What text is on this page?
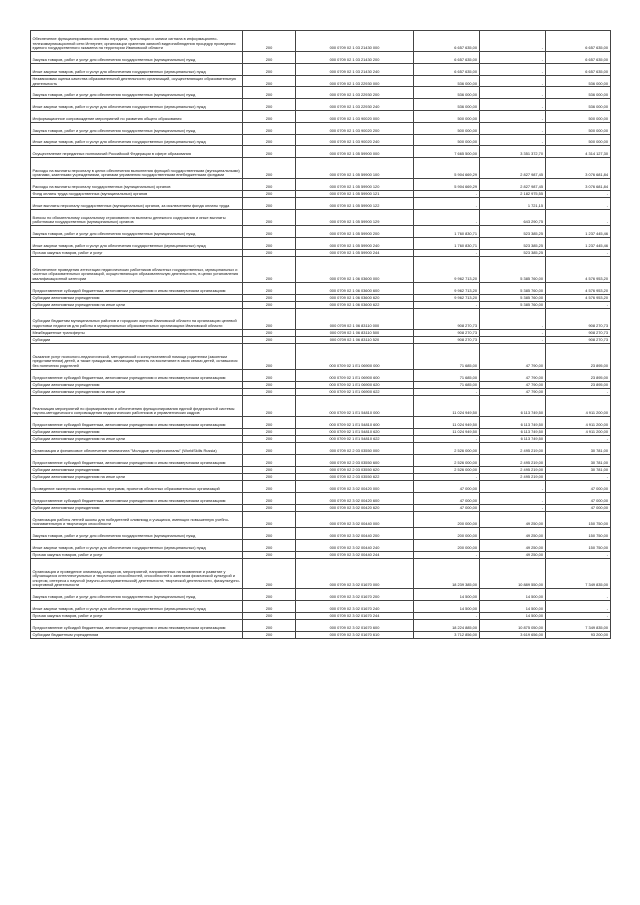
Обеспечение функционирования системы передачи, трансляции и записи сигнала в информационно-телекоммуникационной сети Интернет, организации хранения записей видеонаблюдения процедур проведения единого государственного экзамена на территории Ивановской области	200	000 0709 02 1 03 21430 000	6 657 635,00	-	6 657 635,00
Закупка товаров, работ и услуг для обеспечения государственных (муниципальных) нужд	200	000 0709 02 1 03 21430 200	6 657 635,00	-	6 657 635,00
Иные закупки товаров, работ и услуг для обеспечения государственных (муниципальных) нужд	200	000 0709 02 1 03 21430 240	6 657 635,00	-	6 657 635,00
Независимая оценка качества образовательной деятельности организаций, осуществляющих образовательную деятельность	200	000 0709 02 1 03 22930 000	536 000,00	-	536 000,00
Закупка товаров, работ и услуг для обеспечения государственных (муниципальных) нужд	200	000 0709 02 1 03 22930 200	536 000,00	-	536 000,00
Иные закупки товаров, работ и услуг для обеспечения государственных (муниципальных) нужд	200	000 0709 02 1 03 22930 240	536 000,00	-	536 000,00
Информационное сопровождение мероприятий по развитию общего образования	200	000 0709 02 1 03 90020 000	500 000,00	-	500 000,00
Закупка товаров, работ и услуг для обеспечения государственных (муниципальных) нужд	200	000 0709 02 1 03 90020 200	500 000,00	-	500 000,00
Иные закупки товаров, работ и услуг для обеспечения государственных (муниципальных) нужд	200	000 0709 02 1 03 90020 240	500 000,00	-	500 000,00
Осуществление переданных полномочий Российской Федерации в сфере образования	200	000 0709 02 1 05 59900 000	7 665 500,00	3 351 372,70	4 314 127,30
Расходы на выплаты персоналу в целях обеспечения выполнения функций государственными (муниципальными) органами, казенными учреждениями, органами управления государственными внебюджетными фондами	200	000 0709 02 1 05 59900 100	5 904 669,29	2 827 987,45	3 076 681,84
Расходы на выплаты персоналу государственных (муниципальных) органов	200	000 0709 02 1 05 59900 120	5 904 669,29	2 827 987,45	3 076 681,84
Фонд оплаты труда государственных (муниципальных) органов	200	000 0709 02 1 05 59900 121	-	2 182 975,55	-
Иные выплаты персоналу государственных (муниципальных) органов, за исключением фонда оплаты труда	200	000 0709 02 1 05 59900 122	-	1 721,15	-
Взносы по обязательному социальному страхованию на выплаты денежного содержания и иные выплаты работникам государственных (муниципальных) органов	200	000 0709 02 1 05 59900 129	-	643 290,75	-
Закупка товаров, работ и услуг для обеспечения государственных (муниципальных) нужд	200	000 0709 02 1 05 59900 200	1 760 830,71	523 385,25	1 237 445,46
Иные закупки товаров, работ и услуг для обеспечения государственных (муниципальных) нужд	200	000 0709 02 1 05 59900 240	1 760 830,71	523 385,25	1 237 445,46
Прочая закупка товаров, работ и услуг	200	000 0709 02 1 05 59900 244	-	523 385,25	-
Обеспечение проведения аттестации педагогических работников областных государственных, муниципальных и частных образовательных организаций, осуществляющих образовательную деятельность, в целях установления квалификационной категории	200	000 0709 02 1 06 03600 000	9 962 713,20	5 385 760,00	4 576 953,20
Предоставление субсидий бюджетным, автономным учреждениям и иным некоммерческим организациям	200	000 0709 02 1 06 03600 600	9 962 713,20	5 385 760,00	4 576 953,20
Субсидии автономным учреждениям	200	000 0709 02 1 06 03600 620	9 962 713,20	5 385 760,00	4 576 953,20
Субсидии автономным учреждениям на иные цели	200	000 0709 02 1 06 03600 622	-	5 385 760,00	-
Субсидии бюджетам муниципальных районов и городских округов Ивановской области на организацию целевой подготовки педагогов для работы в муниципальных образовательных организациях Ивановской области	200	000 0709 02 1 06 83110 000	908 270,73	-	908 270,73
Межбюджетные трансферты	200	000 0709 02 1 06 83110 500	908 270,73	-	908 270,73
Субсидии	200	000 0709 02 1 06 83110 520	908 270,73	-	908 270,73
Оказание услуг психолого-педагогической, методической и консультативной помощи родителям (законным представителям) детей, а также гражданам, желающим принять на воспитание в свою семью детей, оставшихся без попечения родителей	200	000 0709 02 1 Е1 06900 000	71 685,00	47 790,00	23 895,00
Предоставление субсидий бюджетным, автономным учреждениям и иным некоммерческим организациям	200	000 0709 02 1 Е1 06900 600	71 685,00	47 790,00	23 895,00
Субсидии автономным учреждениям	200	000 0709 02 1 Е1 06900 620	71 685,00	47 790,00	23 895,00
Субсидии автономным учреждениям на иные цели	200	000 0709 02 1 Е1 06900 622	-	47 790,00	-
Реализация мероприятий по формированию и обеспечению функционирования единой федеральной системы научно-методического сопровождения педагогических работников и управленческих кадров	200	000 0709 02 1 Е1 54810 000	11 024 949,50	6 113 749,50	4 911 200,00
Предоставление субсидий бюджетным, автономным учреждениям и иным некоммерческим организациям	200	000 0709 02 1 Е1 54810 600	11 024 949,50	6 113 749,50	4 911 200,00
Субсидии автономным учреждениям	200	000 0709 02 1 Е1 54810 620	11 024 949,50	6 113 749,50	4 911 200,00
Субсидии автономным учреждениям на иные цели	200	000 0709 02 1 Е1 54810 622	-	6 113 749,50	-
Организация и финансовое обеспечение чемпионата "Молодые профессионалы" (WorldSkills Russia)	200	000 0709 02 2 03 03550 000	2 526 000,00	2 495 219,00	30 781,00
Предоставление субсидий бюджетным, автономным учреждениям и иным некоммерческим организациям	200	000 0709 02 2 03 03550 600	2 526 000,00	2 495 219,00	30 781,00
Субсидии автономным учреждениям	200	000 0709 02 2 03 03550 620	2 526 000,00	2 495 219,00	30 781,00
Субсидии автономным учреждениям на иные цели	200	000 0709 02 2 03 03550 622	-	2 495 219,00	-
Проведение экспертизы инновационных программ, проектов областных образовательных организаций	200	000 0709 02 3 02 00420 000	47 000,00	-	47 000,00
Предоставление субсидий бюджетным, автономным учреждениям и иным некоммерческим организациям	200	000 0709 02 3 02 00420 600	47 000,00	-	47 000,00
Субсидии автономным учреждениям	200	000 0709 02 3 02 00420 620	47 000,00	-	47 000,00
Организация работы летней школы для победителей олимпиад и учащихся, имеющих повышенную учебно-познавательную и творческую способности	200	000 0709 02 3 02 00440 000	200 000,00	49 250,00	150 750,00
Закупка товаров, работ и услуг для обеспечения государственных (муниципальных) нужд	200	000 0709 02 3 02 00440 200	200 000,00	49 250,00	150 750,00
Иные закупки товаров, работ и услуг для обеспечения государственных (муниципальных) нужд	200	000 0709 02 3 02 00440 240	200 000,00	49 250,00	150 750,00
Прочая закупка товаров, работ и услуг	200	000 0709 02 3 02 00440 244	-	49 250,00	-
Организация и проведение олимпиад, конкурсов, мероприятий, направленных на выявление и развитие у обучающихся интеллектуальных и творческих способностей, способностей к занятиям физической культурой и спортом, интереса к научной (научно-исследовательской) деятельности, творческой деятельности, физкультурно-спортивной деятельности	200	000 0709 02 3 02 01670 000	18 239 385,00	10 889 550,00	7 349 835,00
Закупка товаров, работ и услуг для обеспечения государственных (муниципальных) нужд	200	000 0709 02 3 02 01670 200	14 500,00	14 500,00	-
Иные закупки товаров, работ и услуг для обеспечения государственных (муниципальных) нужд	200	000 0709 02 3 02 01670 240	14 500,00	14 500,00	-
Прочая закупка товаров, работ и услуг	200	000 0709 02 3 02 01670 244	-	14 500,00	-
Предоставление субсидий бюджетным, автономным учреждениям и иным некоммерческим организациям	200	000 0709 02 3 02 01670 600	18 224 885,00	10 875 050,00	7 349 835,00
Субсидии бюджетным учреждениям	200	000 0709 02 3 02 01670 610	3 712 856,00	3 619 656,00	93 200,00
